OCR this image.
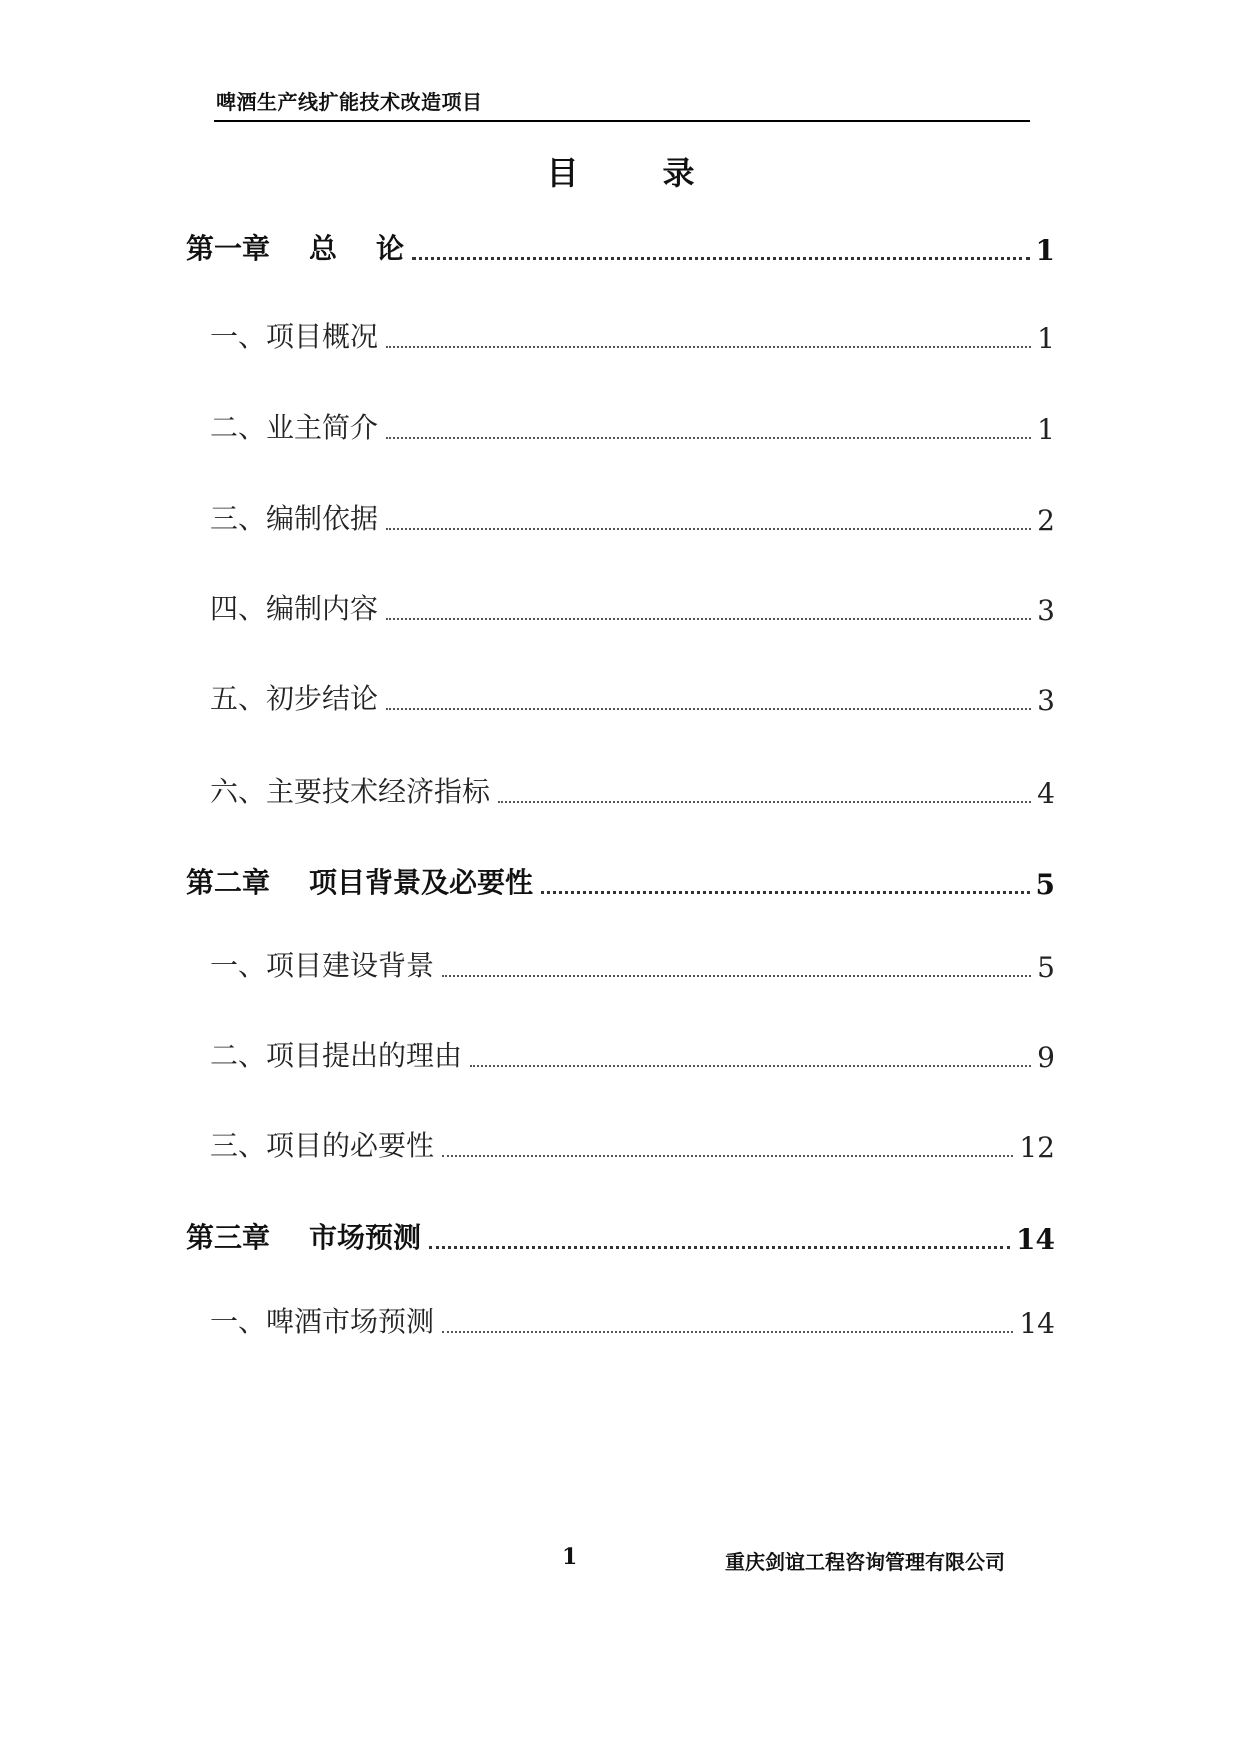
啤酒生产线扩能技术改造项目
目	录
第一章    总    论	1
一、项目概况	1
二、业主简介	1
三、编制依据	2
四、编制内容	3
五、初步结论	3
六、主要技术经济指标	4
第二章    项目背景及必要性	5
一、项目建设背景	5
二、项目提出的理由	9
三、项目的必要性	12
第三章    市场预测	14
一、啤酒市场预测	14
1	重庆剑谊工程咨询管理有限公司
